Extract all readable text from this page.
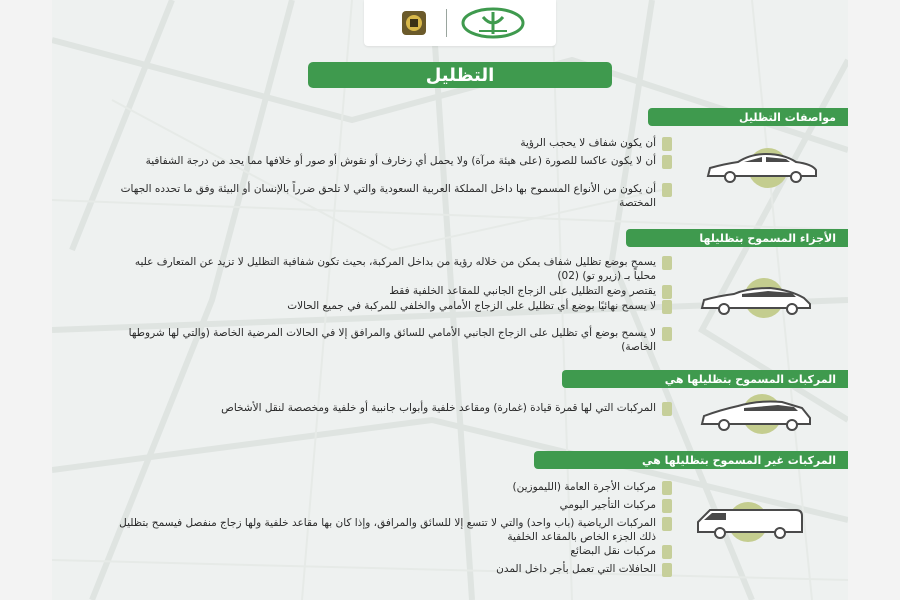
التظليل
مواصفات التظليل
أن يكون شفاف لا يحجب الرؤية
أن لا يكون عاكسا للصورة (على هيئة مرآة) ولا يحمل أي زخارف أو نقوش أو صور أو خلافها مما يحد من درجة الشفافية
أن يكون من الأنواع المسموح بها داخل المملكة العربية السعودية والتي لا تلحق ضرراً بالإنسان أو البيئة وفق ما تحدده الجهات المختصة
الأجزاء المسموح بتظليلها
يسمح بوضع تظليل شفاف يمكن من خلاله رؤية من بداخل المركبة، بحيث تكون شفافية التظليل لا تزيد عن المتعارف عليه محلياً بـ (زيرو تو) (02)
يقتصر وضع التظليل على الزجاج الجانبي للمقاعد الخلفية فقط
لا يسمح نهائيًا بوضع أي تظليل على الزجاج الأمامي والخلفي للمركبة في جميع الحالات
لا يسمح بوضع أي تظليل على الزجاج الجانبي الأمامي للسائق والمرافق إلا في الحالات المرضية الخاصة (والتي لها شروطها الخاصة)
المركبات المسموح بتظليلها هي
المركبات التي لها قمرة قيادة (غمارة) ومقاعد خلفية وأبواب جانبية أو خلفية ومخصصة لنقل الأشخاص
المركبات غير المسموح بتظليلها هي
مركبات الأجرة العامة (الليموزين)
مركبات التأجير اليومي
المركبات الرياضية (باب واحد) والتي لا تتسع إلا للسائق والمرافق، وإذا كان بها مقاعد خلفية ولها زجاج منفصل فيسمح بتظليل ذلك الجزء الخاص بالمقاعد الخلفية
مركبات نقل البضائع
الحافلات التي تعمل بأجر داخل المدن
